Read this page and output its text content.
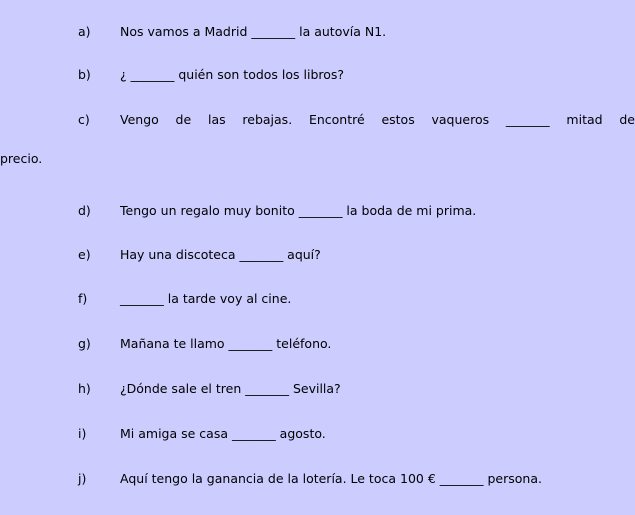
a) Nos vamos a Madrid _______ la autovía N1.
b) ¿ _______ quién son todos los libros?
c) Vengo de las rebajas. Encontré estos vaqueros _______ mitad de
precio.
d) Tengo un regalo muy bonito _______ la boda de mi prima.
e) Hay una discoteca _______ aquí?
f)	_______ la tarde voy al cine.
g) Mañana te llamo _______ teléfono.
h) ¿Dónde sale el tren _______ Sevilla?
i)	Mi amiga se casa _______ agosto.
j)	Aquí tengo la ganancia de la lotería. Le toca 100 € _______ persona.
